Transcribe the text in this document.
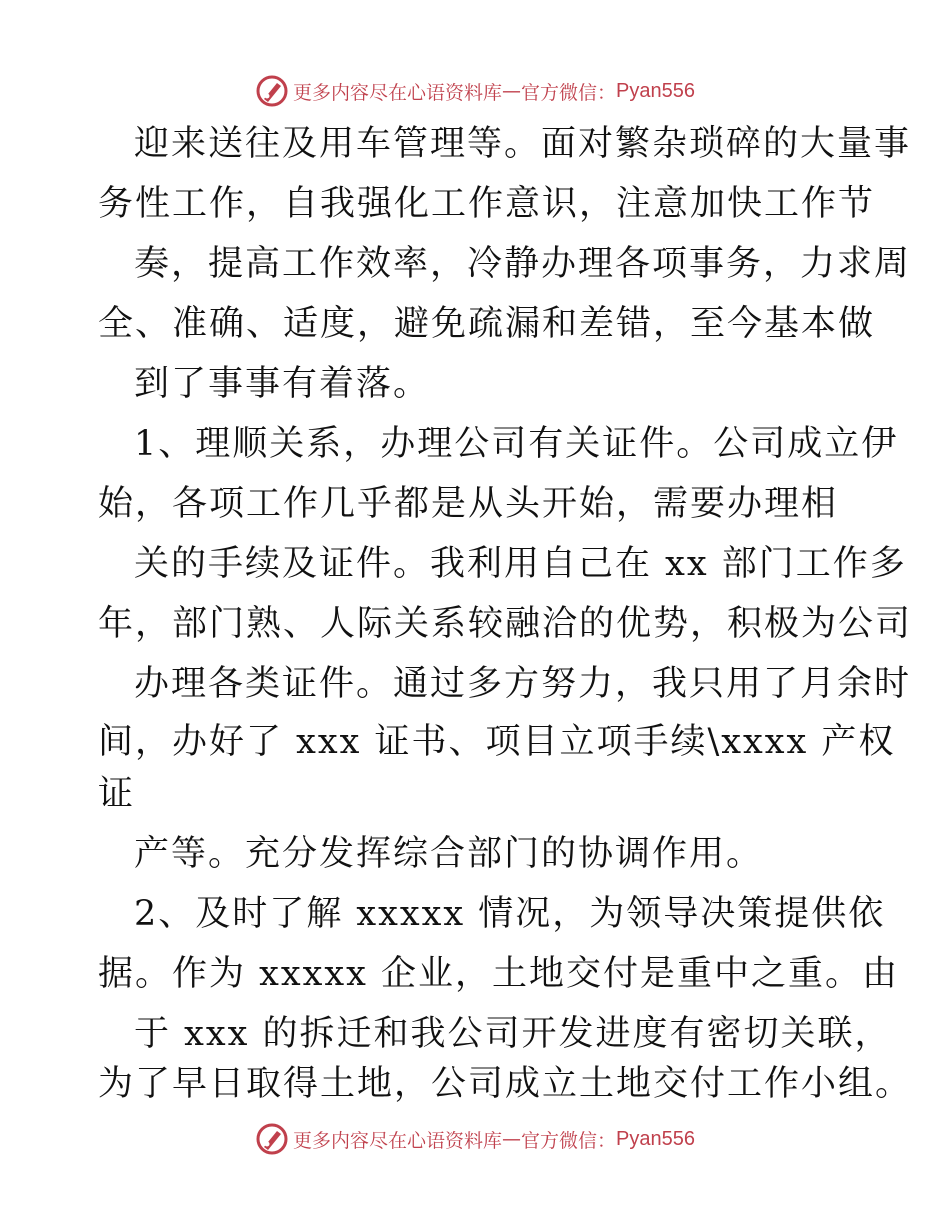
更多内容尽在心语资料库 — 官方微信： Pyan556
迎来送往及用车管理等。面对繁杂琐碎的大量事
务性工作，自我强化工作意识，注意加快工作节
奏，提高工作效率，冷静办理各项事务，力求周
全、准确、适度，避免疏漏和差错，至今基本做
到了事事有着落。
1、理顺关系，办理公司有关证件。公司成立伊
始，各项工作几乎都是从头开始，需要办理相
关的手续及证件。我利用自己在 xx 部门工作多
年，部门熟、人际关系较融洽的优势，积极为公司
办理各类证件。通过多方努力，我只用了月余时
间，办好了 xxx 证书、项目立项手续\xxxx 产权
证
产等。充分发挥综合部门的协调作用。
2、及时了解 xxxxx 情况，为领导决策提供依
据。作为 xxxxx 企业，土地交付是重中之重。由
于 xxx 的拆迁和我公司开发进度有密切关联，
为了早日取得土地，公司成立土地交付工作小组。
更多内容尽在心语资料库 — 官方微信： Pyan556
